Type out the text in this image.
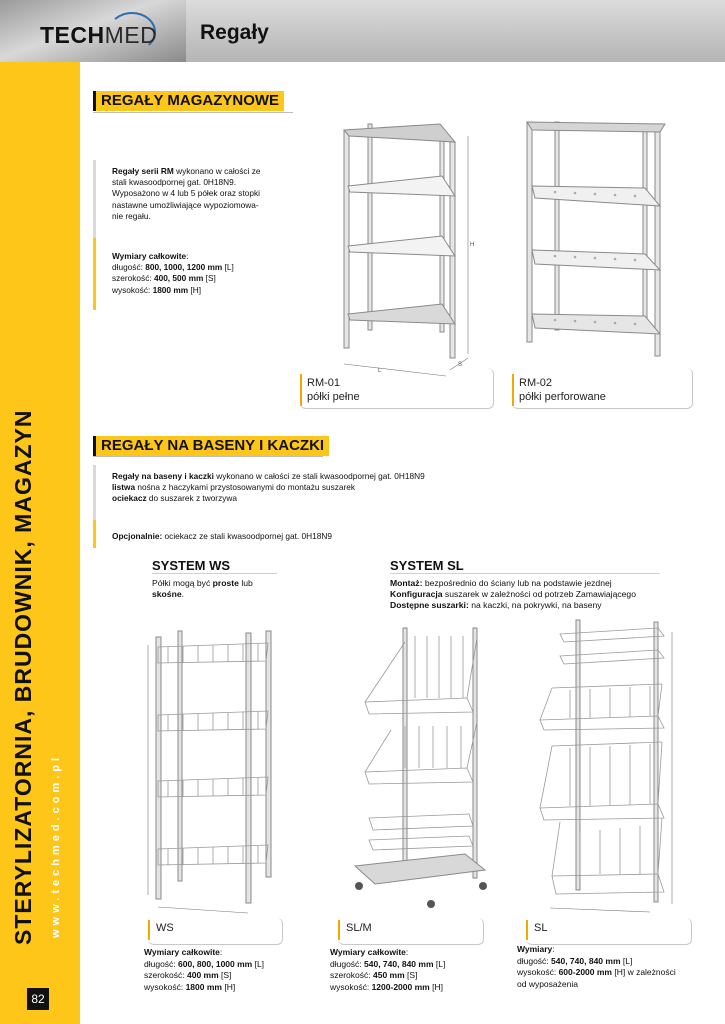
TECHMED Regały
STERYLIZATORNIA, BRUDOWNIK, MAGAZYN	www.techmed.com.pl
82
REGAŁY MAGAZYNOWE
Regały serii RM wykonano w całości ze
stali kwasoodpornej gat. 0H18N9.
Wyposażono w 4 lub 5 półek oraz stopki
nastawne umożliwiające wypoziomowa-
nie regału.
Wymiary całkowite:
długość: 800, 1000, 1200 mm [L]
szerokość: 400, 500 mm [S]
wysokość: 1800 mm [H]
H
L
S
RM-01
półki pełne
RM-02
półki perforowane
REGAŁY NA BASENY I KACZKI
Regały na baseny i kaczki wykonano w całości ze stali kwasoodpornej gat. 0H18N9
listwa nośna z haczykami przystosowanymi do montażu suszarek
ociekacz do suszarek z tworzywa
Opcjonalnie: ociekacz ze stali kwasoodpornej gat. 0H18N9
SYSTEM WS
Półki mogą być proste lub
skośne.
SYSTEM SL
Montaż: bezpośrednio do ściany lub na podstawie jezdnej
Konfiguracja suszarek w zależności od potrzeb Zamawiającego
Dostępne suszarki: na kaczki, na pokrywki, na baseny
WS	SL/M	SL
Wymiary całkowite:
długość: 600, 800, 1000 mm [L]
szerokość: 400 mm [S]
wysokość: 1800 mm [H]
Wymiary całkowite:
długość: 540, 740, 840 mm [L]
szerokość: 450 mm [S]
wysokość: 1200-2000 mm [H]
Wymiary:
długość: 540, 740, 840 mm [L]
wysokość: 600-2000 mm [H] w zależności
od wyposażenia
